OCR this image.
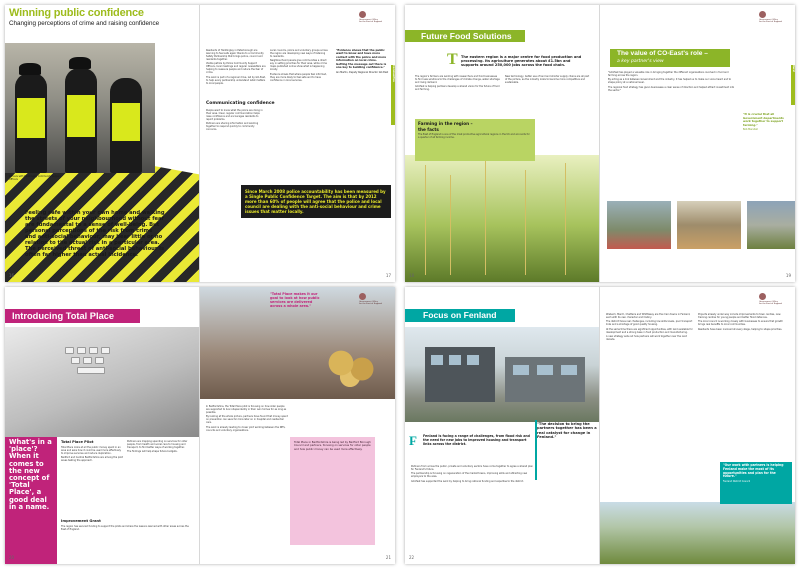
Winning public confidence
Changing perceptions of crime and raising confidence
Officers with Haddingley Community Support Officers
Feeling safe within your own home and walking the streets of your neighbourhood without fear are fundamental to a sense of well-being. But personal perceptions of the risk from crime and anti-social behaviour, may bear little or no relation to the actual risk in a particular area. The perceived threat of anti-social behaviour is often far higher than actual incidence.
16
Government Office
for the East of England

Residents of Haddingley in Peterborough are learning to feel safe again thanks to a Community Safety Partnership that brings police, council and residents together.

Visible patrols by Police Community Support Officers, local meetings and regular newsletters are helping to reassure people and reduce the fear of crime.

The work is part of a regional drive, led by GO-East, to help every partnership understand what matters to local people.

Communicating confidence

People want to know what the police are doing in their area. Clear, regular communication helps raise confidence and encourages residents to report problems.

Partners are sharing information and working together to respond quickly to community concerns.

Local councils, police and voluntary groups across the region are developing new ways of listening to residents.

Neighbourhood panels give communities a direct say in setting priorities for their area, while crime maps published online show what is happening locally.

Evidence shows that where people feel informed, they are more likely to feel safe and to have confidence in local services.

17
"Evidence shows that the public want to know and have more contact with the police and more information on local crime. Getting the message out there is one key to building confidence."
Ian Martin, Deputy Regional Director GO-East
Since March 2008 police accountability has been measured by a Single Public Confidence Target. The aim is that by 2012 more than 60% of people will agree that the police and local council are dealing with the anti-social behaviour and crime issues that matter locally.
Communities
Future Food Solutions
T The eastern region is a major centre for food production and processing. Its agriculture generates about £1.5bn and supports around 250,000 jobs across the food chain.

The region's farmers are working with researchers and food businesses to find new solutions to the challenges of climate change, water shortage and rising demand.

GO-East is helping partners develop a shared vision for the future of food and farming.

New technology, better use of land and shorter supply chains are all part of the picture, as the industry looks to become more competitive and sustainable.

Farming in the region –
the facts

The East of England is one of the most productive agricultural regions in the UK and accounts for a quarter of all farming income.

18
Government Office
for the East of England

"GO-East has played a valuable role in bringing together the different organisations involved in food and farming across the region.

By acting as a link between Government and the industry, it has helped us to make our voice heard and to shape policy at a national level.

The regional food strategy has given businesses a clear sense of direction and helped attract investment into the sector."

19
The value of CO-East's role –
a key partner's view
"It is crucial that all Government departments work together to support farming."
Bob Marshall
Rural
Introducing Total Place
What's in a 'place'? When it comes to the new concept of 'Total Place', a good deal in a name.
Total Place Pilot

Total Place looks at all the public money spent in an area and asks how it could be used more effectively to improve services and reduce duplication.

Bedford and Central Bedfordshire are among the pilot areas testing the approach.

Partners are mapping spending on services for older people, from health and social care to housing and transport, to find better ways of working together.

The findings will help shape future budgets.

Improvement Grant

The region has secured funding to support the pilots and share the lessons learned with other areas across the East of England.

20
Government Office
for the East of England

In Bedfordshire, the Total Place pilot is focusing on how older people are supported to live independently in their own homes for as long as possible.

By looking at the whole picture, partners have found that money spent on prevention can save far more later on in hospital and residential care.

The work is already leading to closer joint working between the NHS, councils and voluntary organisations.

21
"Total Place makes it our goal to look at how public services are delivered across a whole area."
Total Place in Bedfordshire is being led by Bedford Borough Council and partners, focusing on services for older people and how public money can be used more effectively.
Focus on Fenland
"The decision to bring the partners together has been a real catalyst for change in Fenland."
F Fenland is facing a range of challenges, from flood risk and the need for new jobs to improved housing and transport links across the district.

Partners from across the public, private and voluntary sectors have come together to agree a shared plan for Fenland's future.

The partnership is focusing on regeneration of the market towns, improving skills and attracting new employers to the area.

GO-East has supported the work by helping to bring national funding and expertise to the district.

22
Government Office
for the East of England

Wisbech, March, Chatteris and Whittlesey are the main towns in Fenland, each with its own character and history.

The district faces real challenges, including low skills levels, poor transport links and a shortage of good quality housing.

At the same time there are significant opportunities, with land available for development and a strong base in food production and manufacturing.

A new strategy sets out how partners will work together over the next decade.

Projects already under way include improvements to town centres, new training centres for young people and better flood defences.

The local council is working closely with businesses to ensure that growth brings real benefits to local communities.

Residents have been involved at every stage, helping to shape priorities.

"Our work with partners is helping Fenland make the most of its opportunities and plan for the future."
Fenland District Council
